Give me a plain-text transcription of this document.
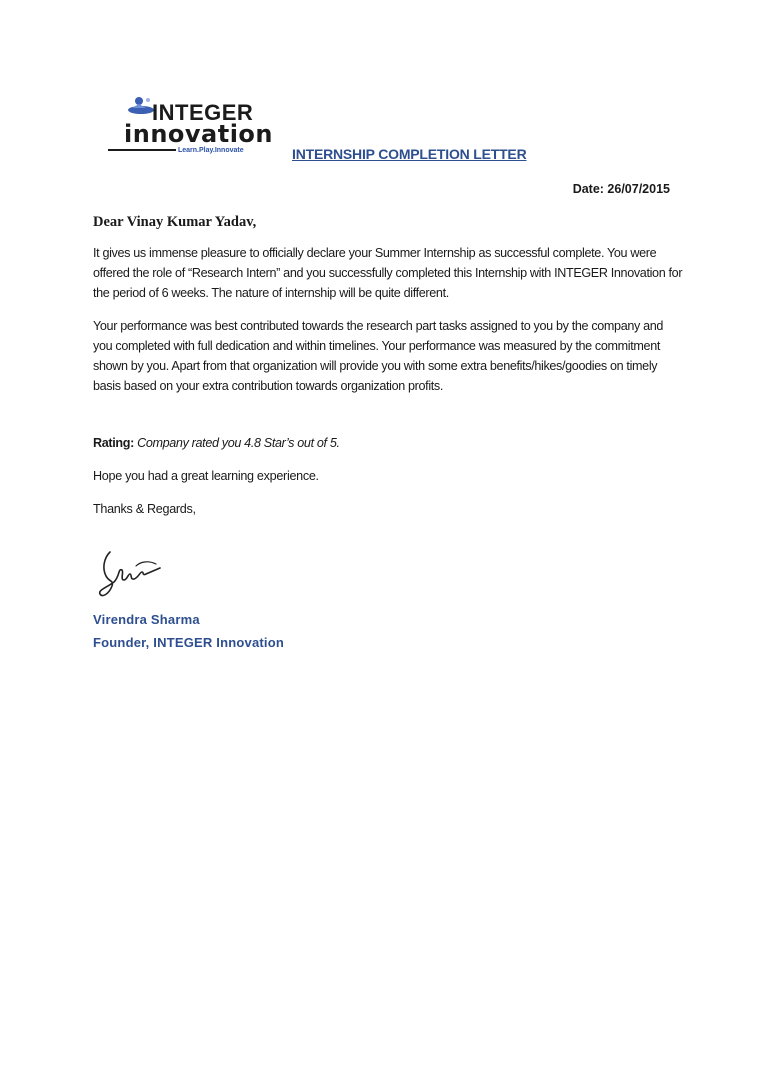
INTEGER
innovation
Learn.Play.Innovate	INTERNSHIP COMPLETION LETTER
Date: 26/07/2015
Dear Vinay Kumar Yadav,
It gives us immense pleasure to officially declare your Summer Internship as successful complete. You were offered the role of “Research Intern” and you successfully completed this Internship with INTEGER Innovation for the period of 6 weeks. The nature of internship will be quite different.
Your performance was best contributed towards the research part tasks assigned to you by the company and you completed with full dedication and within timelines. Your performance was measured by the commitment shown by you. Apart from that organization will provide you with some extra benefits/hikes/goodies on timely basis based on your extra contribution towards organization profits.
Rating: Company rated you 4.8 Star’s out of 5.
Hope you had a great learning experience.
Thanks & Regards,
Virendra Sharma
Founder, INTEGER Innovation
